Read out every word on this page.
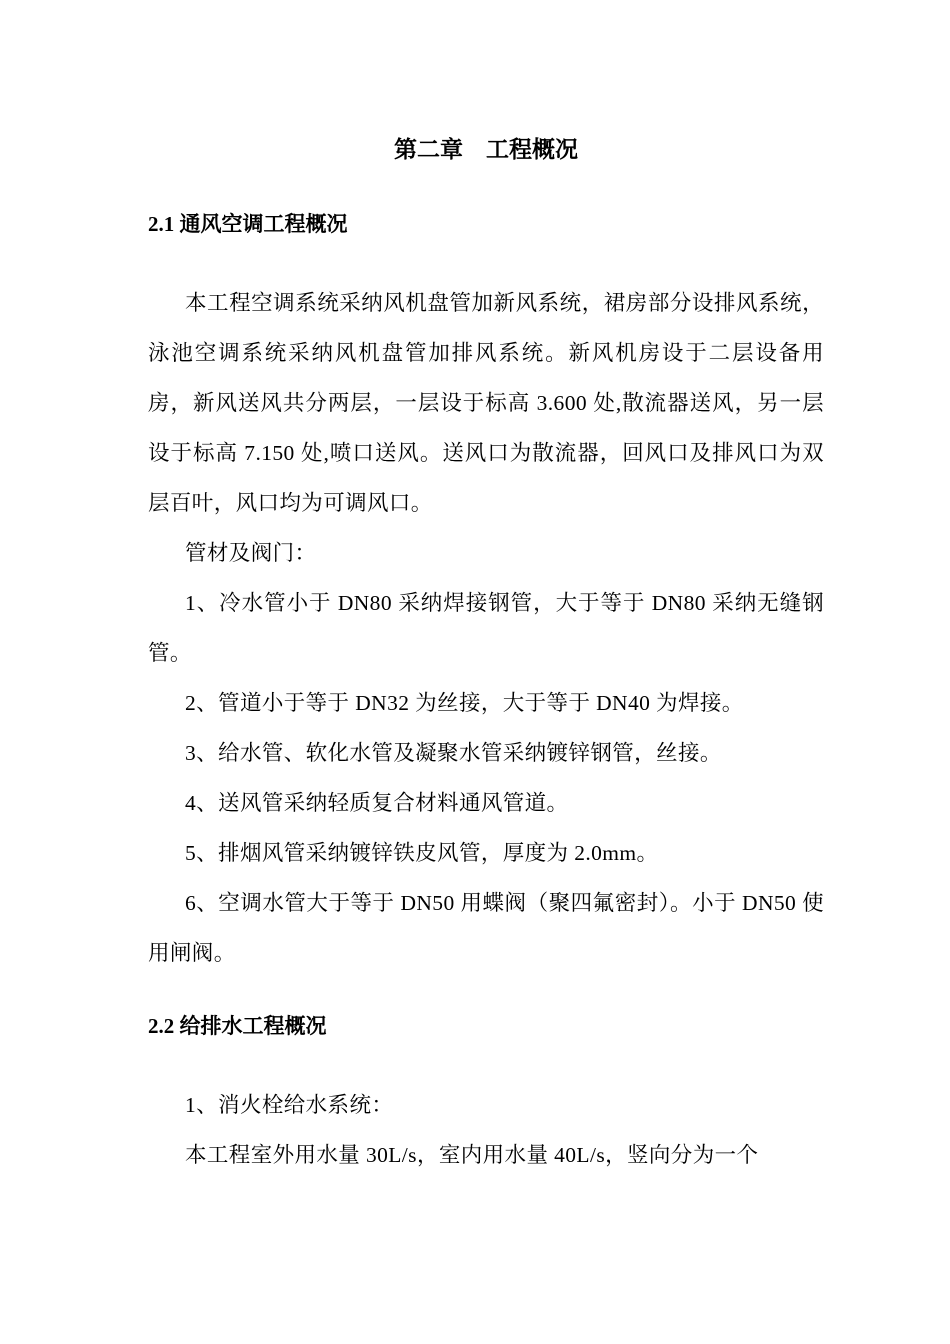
第二章    工程概况
2.1 通风空调工程概况

本工程空调系统采纳风机盘管加新风系统，裙房部分设排风系统，泳池空调系统采纳风机盘管加排风系统。新风机房设于二层设备用房，新风送风共分两层，一层设于标高 3.600 处,散流器送风，另一层设于标高 7.150 处,喷口送风。送风口为散流器，回风口及排风口为双层百叶，风口均为可调风口。

管材及阀门：

1、冷水管小于 DN80 采纳焊接钢管，大于等于 DN80 采纳无缝钢管。

2、管道小于等于 DN32 为丝接，大于等于 DN40 为焊接。

3、给水管、软化水管及凝聚水管采纳镀锌钢管，丝接。

4、送风管采纳轻质复合材料通风管道。

5、排烟风管采纳镀锌铁皮风管，厚度为 2.0mm。

6、空调水管大于等于 DN50 用蝶阀（聚四氟密封）。小于 DN50 使用闸阀。

2.2 给排水工程概况

1、消火栓给水系统：

本工程室外用水量 30L/s，室内用水量 40L/s，竖向分为一个
